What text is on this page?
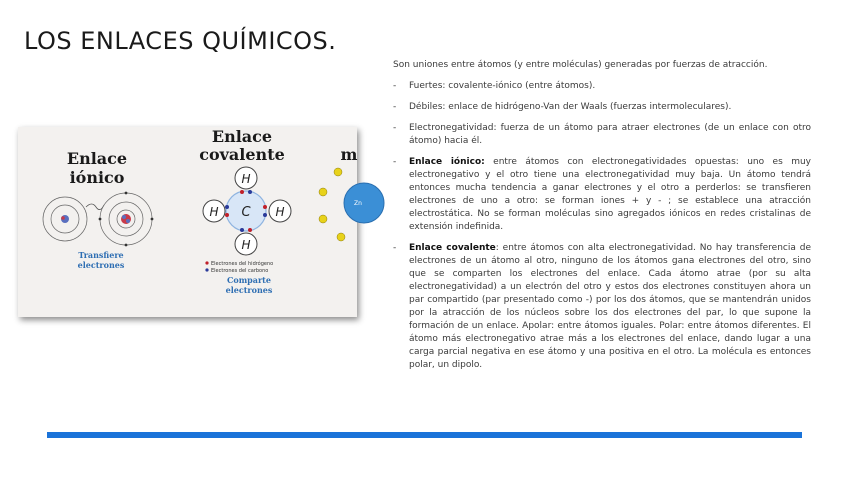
LOS ENLACES QUÍMICOS.
Enlace
iónico
Transfiere
electrones
Enlace
covalente
C
H
H
H	H
Electrones del hidrógeno
Electrones del carbono
Comparte
electrones
m
Zn

Son uniones entre átomos (y entre moléculas) generadas por fuerzas de atracción.

- Fuertes: covalente-iónico (entre átomos).
- Débiles: enlace de hidrógeno-Van der Waals (fuerzas intermoleculares).
- Electronegatividad: fuerza de un átomo para atraer electrones (de un enlace con otro átomo) hacia él.
- Enlace iónico: entre átomos con electronegatividades opuestas: uno es muy electronegativo y el otro tiene una electronegatividad muy baja. Un átomo tendrá entonces mucha tendencia a ganar electrones y el otro a perderlos: se transfieren electrones de uno a otro: se forman iones + y - ; se establece una atracción electrostática. No se forman moléculas sino agregados iónicos en redes cristalinas de extensión indefinida.
- Enlace covalente: entre átomos con alta electronegatividad. No hay transferencia de electrones de un átomo al otro, ninguno de los átomos gana electrones del otro, sino que se comparten los electrones del enlace. Cada átomo atrae (por su alta electronegatividad) a un electrón del otro y estos dos electrones constituyen ahora un par compartido (par presentado como -) por los dos átomos, que se mantendrán unidos por la atracción de los núcleos sobre los dos electrones del par, lo que supone la formación de un enlace. Apolar: entre átomos iguales. Polar: entre átomos diferentes. El átomo más electronegativo atrae más a los electrones del enlace, dando lugar a una carga parcial negativa en ese átomo y una positiva en el otro. La molécula es entonces polar, un dipolo.
